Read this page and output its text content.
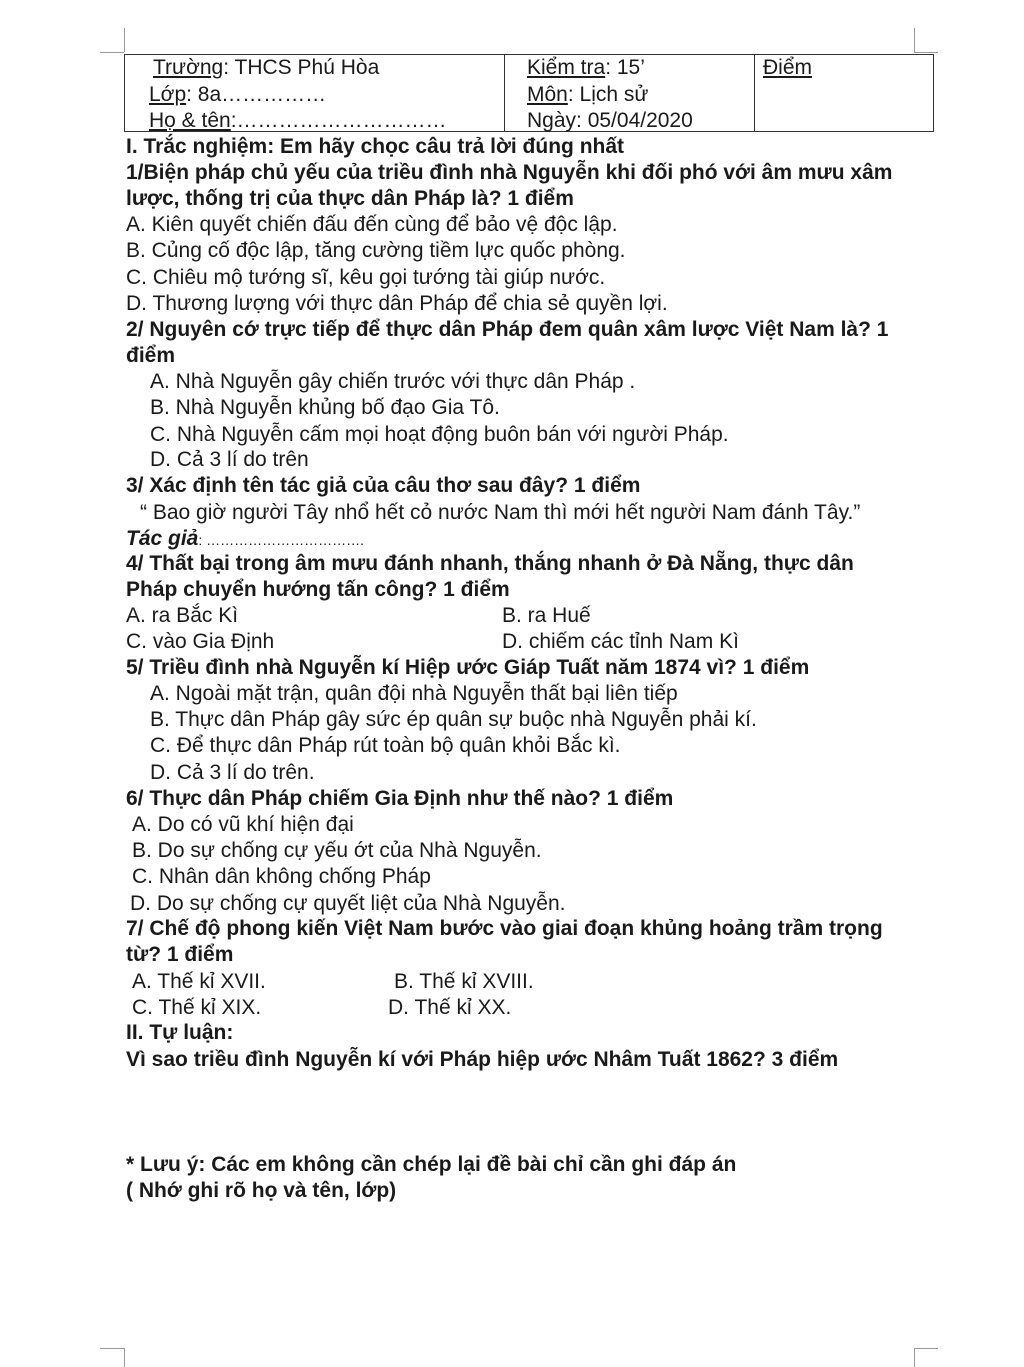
Trường: THCS Phú Hòa
Lớp: 8a……………
Họ & tên:…………………………
Kiểm tra: 15’
Môn: Lịch sử
Ngày: 05/04/2020
Điểm
I. Trắc nghiệm: Em hãy chọc câu trả lời đúng nhất
1/Biện pháp chủ yếu của triều đình nhà Nguyễn khi đối phó với âm mưu xâm
lược, thống trị của thực dân Pháp là? 1 điểm
A. Kiên quyết chiến đấu đến cùng để bảo vệ độc lập.
B. Củng cố độc lập, tăng cường tiềm lực quốc phòng.
C. Chiêu mộ tướng sĩ, kêu gọi tướng tài giúp nước.
D. Thương lượng với thực dân Pháp để chia sẻ quyền lợi.
2/ Nguyên cớ trực tiếp để thực dân Pháp đem quân xâm lược Việt Nam là? 1
điểm
A. Nhà Nguyễn gây chiến trước với thực dân Pháp .
B. Nhà Nguyễn khủng bố đạo Gia Tô.
C. Nhà Nguyễn cấm mọi hoạt động buôn bán với người Pháp.
D. Cả 3 lí do trên
3/ Xác định tên tác giả của câu thơ sau đây? 1 điểm
“ Bao giờ người Tây nhổ hết cỏ nước Nam thì mới hết người Nam đánh Tây.”
Tác giả: …………………………….
4/ Thất bại trong âm mưu đánh nhanh, thắng nhanh ở Đà Nẵng, thực dân
Pháp chuyển hướng tấn công? 1 điểm
A. ra Bắc Kì	B. ra Huế
C. vào Gia Định	D. chiếm các tỉnh Nam Kì
5/ Triều đình nhà Nguyễn kí Hiệp ước Giáp Tuất năm 1874 vì? 1 điểm
A. Ngoài mặt trận, quân đội nhà Nguyễn thất bại liên tiếp
B. Thực dân Pháp gây sức ép quân sự buộc nhà Nguyễn phải kí.
C. Để thực dân Pháp rút toàn bộ quân khỏi Bắc kì.
D. Cả 3 lí do trên.
6/ Thực dân Pháp chiếm Gia Định như thế nào? 1 điểm
A. Do có vũ khí hiện đại
B. Do sự chống cự yếu ớt của Nhà Nguyễn.
C. Nhân dân không chống Pháp
D. Do sự chống cự quyết liệt của Nhà Nguyễn.
7/ Chế độ phong kiến Việt Nam bước vào giai đoạn khủng hoảng trầm trọng
từ? 1 điểm
A. Thế kỉ XVII.	B. Thế kỉ XVIII.
C. Thế kỉ XIX.	D. Thế kỉ XX.
II. Tự luận:
Vì sao triều đình Nguyễn kí với Pháp hiệp ước Nhâm Tuất 1862? 3 điểm
* Lưu ý: Các em không cần chép lại đề bài chỉ cần ghi đáp án
( Nhớ ghi rõ họ và tên, lớp)
